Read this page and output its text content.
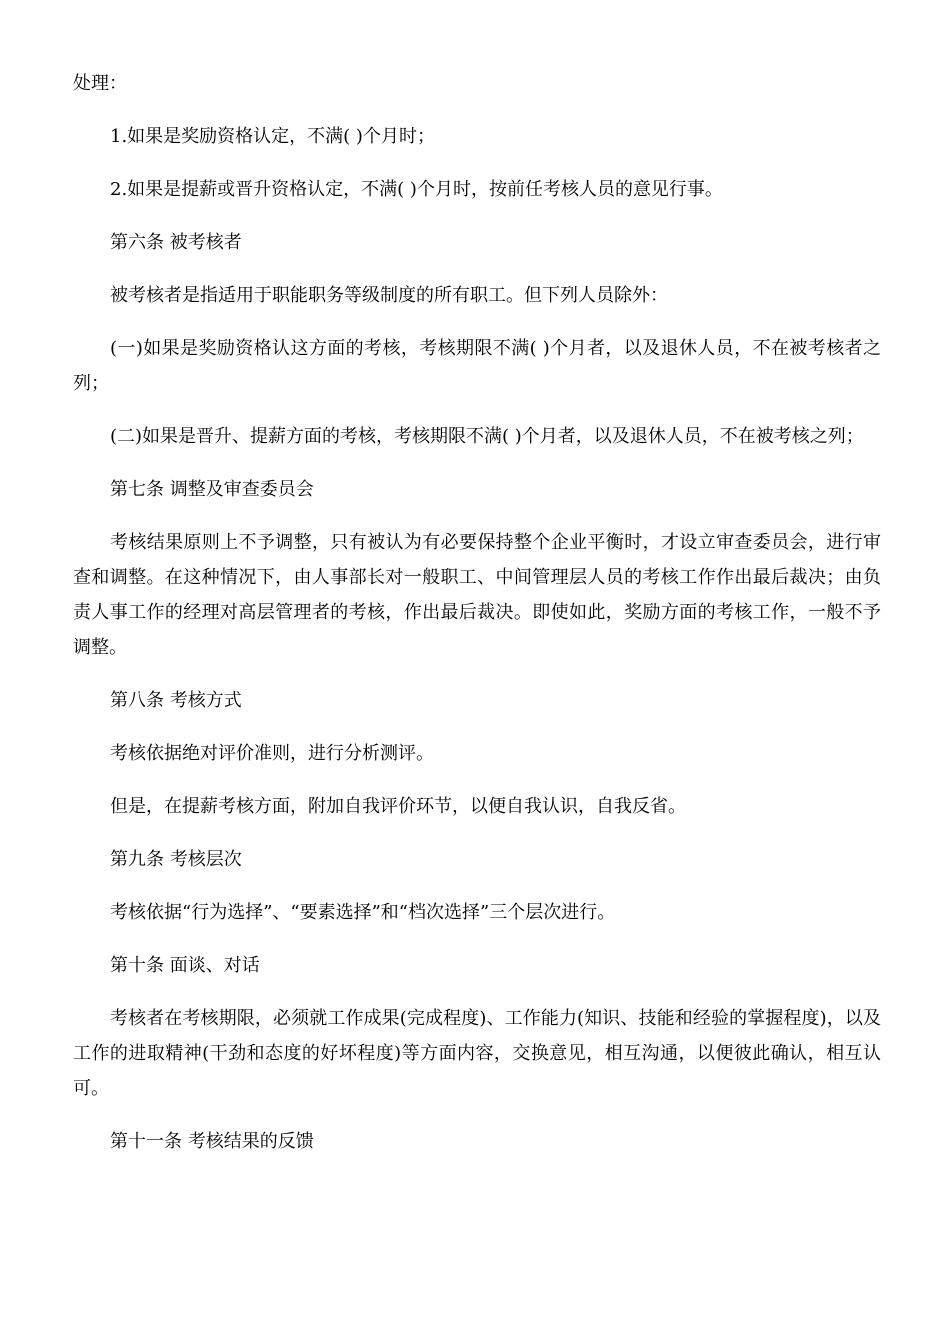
处理：

1.如果是奖励资格认定，不满( )个月时；

2.如果是提薪或晋升资格认定，不满( )个月时，按前任考核人员的意见行事。

第六条 被考核者

被考核者是指适用于职能职务等级制度的所有职工。但下列人员除外：

(一)如果是奖励资格认这方面的考核，考核期限不满( )个月者，以及退休人员，不在被考核者之列；

(二)如果是晋升、提薪方面的考核，考核期限不满( )个月者，以及退休人员，不在被考核之列；

第七条 调整及审查委员会

考核结果原则上不予调整，只有被认为有必要保持整个企业平衡时，才设立审查委员会，进行审查和调整。在这种情况下，由人事部长对一般职工、中间管理层人员的考核工作作出最后裁决；由负责人事工作的经理对高层管理者的考核，作出最后裁决。即使如此，奖励方面的考核工作，一般不予调整。

第八条 考核方式

考核依据绝对评价准则，进行分析测评。

但是，在提薪考核方面，附加自我评价环节，以便自我认识，自我反省。

第九条 考核层次

考核依据“行为选择”、“要素选择”和“档次选择”三个层次进行。

第十条 面谈、对话

考核者在考核期限，必须就工作成果(完成程度)、工作能力(知识、技能和经验的掌握程度)，以及工作的进取精神(干劲和态度的好坏程度)等方面内容，交换意见，相互沟通，以便彼此确认，相互认可。

第十一条 考核结果的反馈
